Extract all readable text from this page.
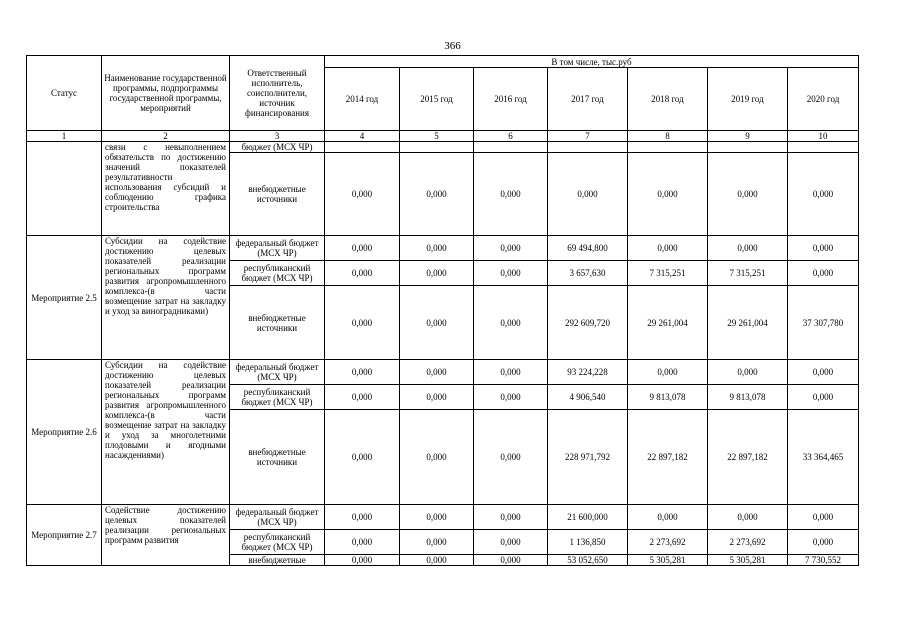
366
Статус	Наименование государственной программы, подпрограммы государственной программы, мероприятий	Ответственный исполнитель, соисполнители, источник финансирования	В том числе, тыс.руб						
			2014 год	2015 год	2016 год	2017 год	2018 год	2019 год	2020 год
1	2	3	4	5	6	7	8	9	10
	связи с невыполнением обязательств по достижению значений показателей результативности использования субсидий и соблюдению графика строительства	бюджет (МСХ ЧР)							
		внебюджетные источники	0,000	0,000	0,000	0,000	0,000	0,000	0,000
Мероприятие 2.5	Субсидии на содействие достижению целевых показателей реализации региональных программ развития агропромышленного комплекса-(в части возмещение затрат на закладку и уход за виноградниками)	федеральный бюджет (МСХ ЧР)	0,000	0,000	0,000	69 494,800	0,000	0,000	0,000
		республиканский бюджет (МСХ ЧР)	0,000	0,000	0,000	3 657,630	7 315,251	7 315,251	0,000
		внебюджетные источники	0,000	0,000	0,000	292 609,720	29 261,004	29 261,004	37 307,780
Мероприятие 2.6	Субсидии на содействие достижению целевых показателей реализации региональных программ развития агропромышленного комплекса-(в части возмещение затрат на закладку и уход за многолетними плодовыми и ягодными насаждениями)	федеральный бюджет (МСХ ЧР)	0,000	0,000	0,000	93 224,228	0,000	0,000	0,000
		республиканский бюджет (МСХ ЧР)	0,000	0,000	0,000	4 906,540	9 813,078	9 813,078	0,000
		внебюджетные источники	0,000	0,000	0,000	228 971,792	22 897,182	22 897,182	33 364,465
Мероприятие 2.7	Содействие достижению целевых показателей реализации региональных программ развития	федеральный бюджет (МСХ ЧР)	0,000	0,000	0,000	21 600,000	0,000	0,000	0,000
		республиканский бюджет (МСХ ЧР)	0,000	0,000	0,000	1 136,850	2 273,692	2 273,692	0,000
		внебюджетные	0,000	0,000	0,000	53 052,650	5 305,281	5 305,281	7 730,552
